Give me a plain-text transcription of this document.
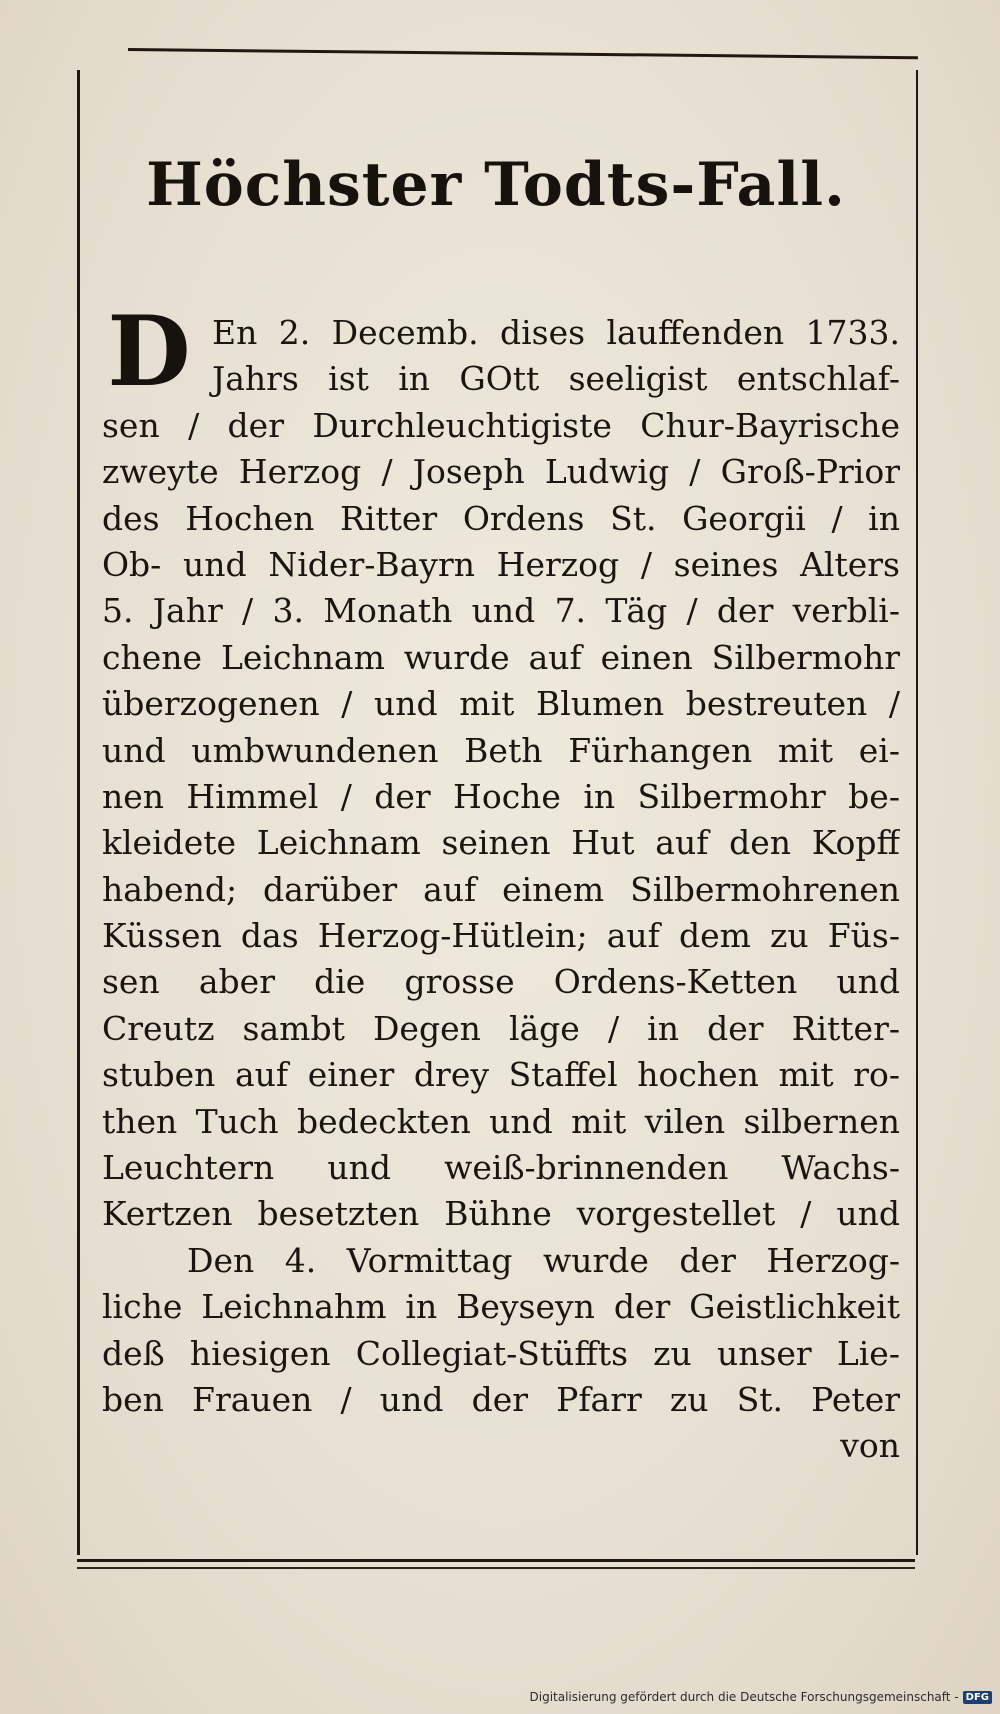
Höchster Todts-Fall.
D En 2. Decemb. dises lauffenden 1733.
Jahrs ist in GOtt seeligist entschlaf-
sen / der Durchleuchtigiste Chur-Bayrische
zweyte Herzog / Joseph Ludwig / Groß-Prior
des Hochen Ritter Ordens St. Georgii / in
Ob- und Nider-Bayrn Herzog / seines Alters
5. Jahr / 3. Monath und 7. Täg / der verbli-
chene Leichnam wurde auf einen Silbermohr
überzogenen / und mit Blumen bestreuten /
und umbwundenen Beth Fürhangen mit ei-
nen Himmel / der Hoche in Silbermohr be-
kleidete Leichnam seinen Hut auf den Kopff
habend; darüber auf einem Silbermohrenen
Küssen das Herzog-Hütlein; auf dem zu Füs-
sen aber die grosse Ordens-Ketten und
Creutz sambt Degen läge / in der Ritter-
stuben auf einer drey Staffel hochen mit ro-
then Tuch bedeckten und mit vilen silbernen
Leuchtern und weiß-brinnenden Wachs-
Kertzen besetzten Bühne vorgestellet / und
Den 4. Vormittag wurde der Herzog-
liche Leichnahm in Beyseyn der Geistlichkeit
deß hiesigen Collegiat-Stüffts zu unser Lie-
ben Frauen / und der Pfarr zu St. Peter
von
Digitalisierung gefördert durch die Deutsche Forschungsgemeinschaft - DFG
